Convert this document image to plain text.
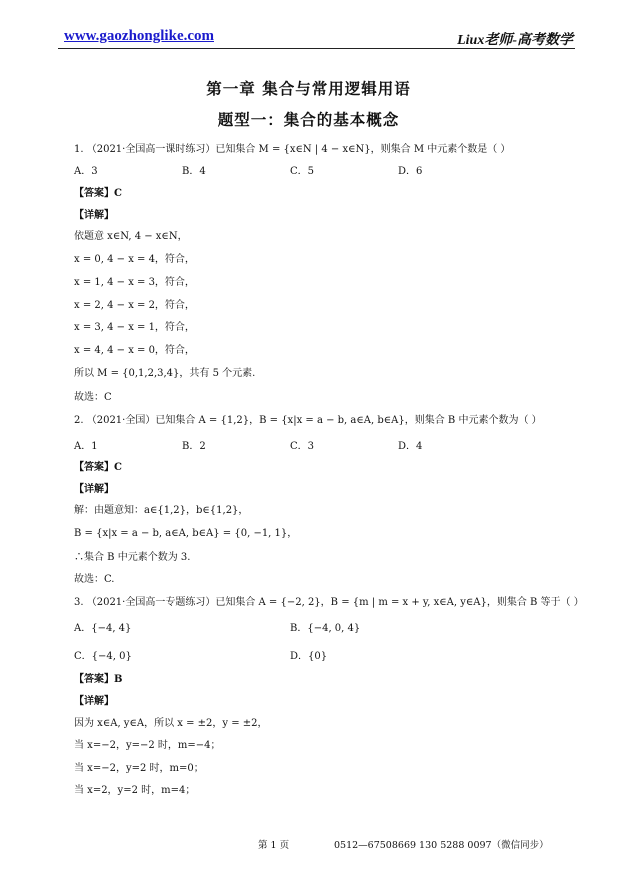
www.gaozhonglike.com	Liux老师-高考数学
第一章 集合与常用逻辑用语
题型一：集合的基本概念
1. （2021·全国高一课时练习）已知集合 M = {x∈N | 4 − x∈N}，则集合 M 中元素个数是（ ）
A．3	B．4	C．5	D．6
【答案】C
【详解】
依题意 x∈N, 4 − x∈N，
x = 0, 4 − x = 4，符合，
x = 1, 4 − x = 3，符合，
x = 2, 4 − x = 2，符合，
x = 3, 4 − x = 1，符合，
x = 4, 4 − x = 0，符合，
所以 M = {0,1,2,3,4}，共有 5 个元素.
故选：C
2. （2021·全国）已知集合 A = {1,2}，B = {x|x = a − b, a∈A, b∈A}，则集合 B 中元素个数为（ ）
A．1	B．2	C．3	D．4
【答案】C
【详解】
解：由题意知：a∈{1,2}，b∈{1,2}，
B = {x|x = a − b, a∈A, b∈A} = {0, −1, 1}，
∴集合 B 中元素个数为 3.
故选：C.
3. （2021·全国高一专题练习）已知集合 A = {−2, 2}，B = {m | m = x + y, x∈A, y∈A}，则集合 B 等于（ ）
A．{−4, 4}	B．{−4, 0, 4}
C．{−4, 0}	D．{0}
【答案】B
【详解】
因为 x∈A, y∈A，所以 x = ±2，y = ±2，
当 x=−2，y=−2 时，m=−4；
当 x=−2，y=2 时，m=0；
当 x=2，y=2 时，m=4；
第 1 页	0512—67508669 130 5288 0097（微信同步）
